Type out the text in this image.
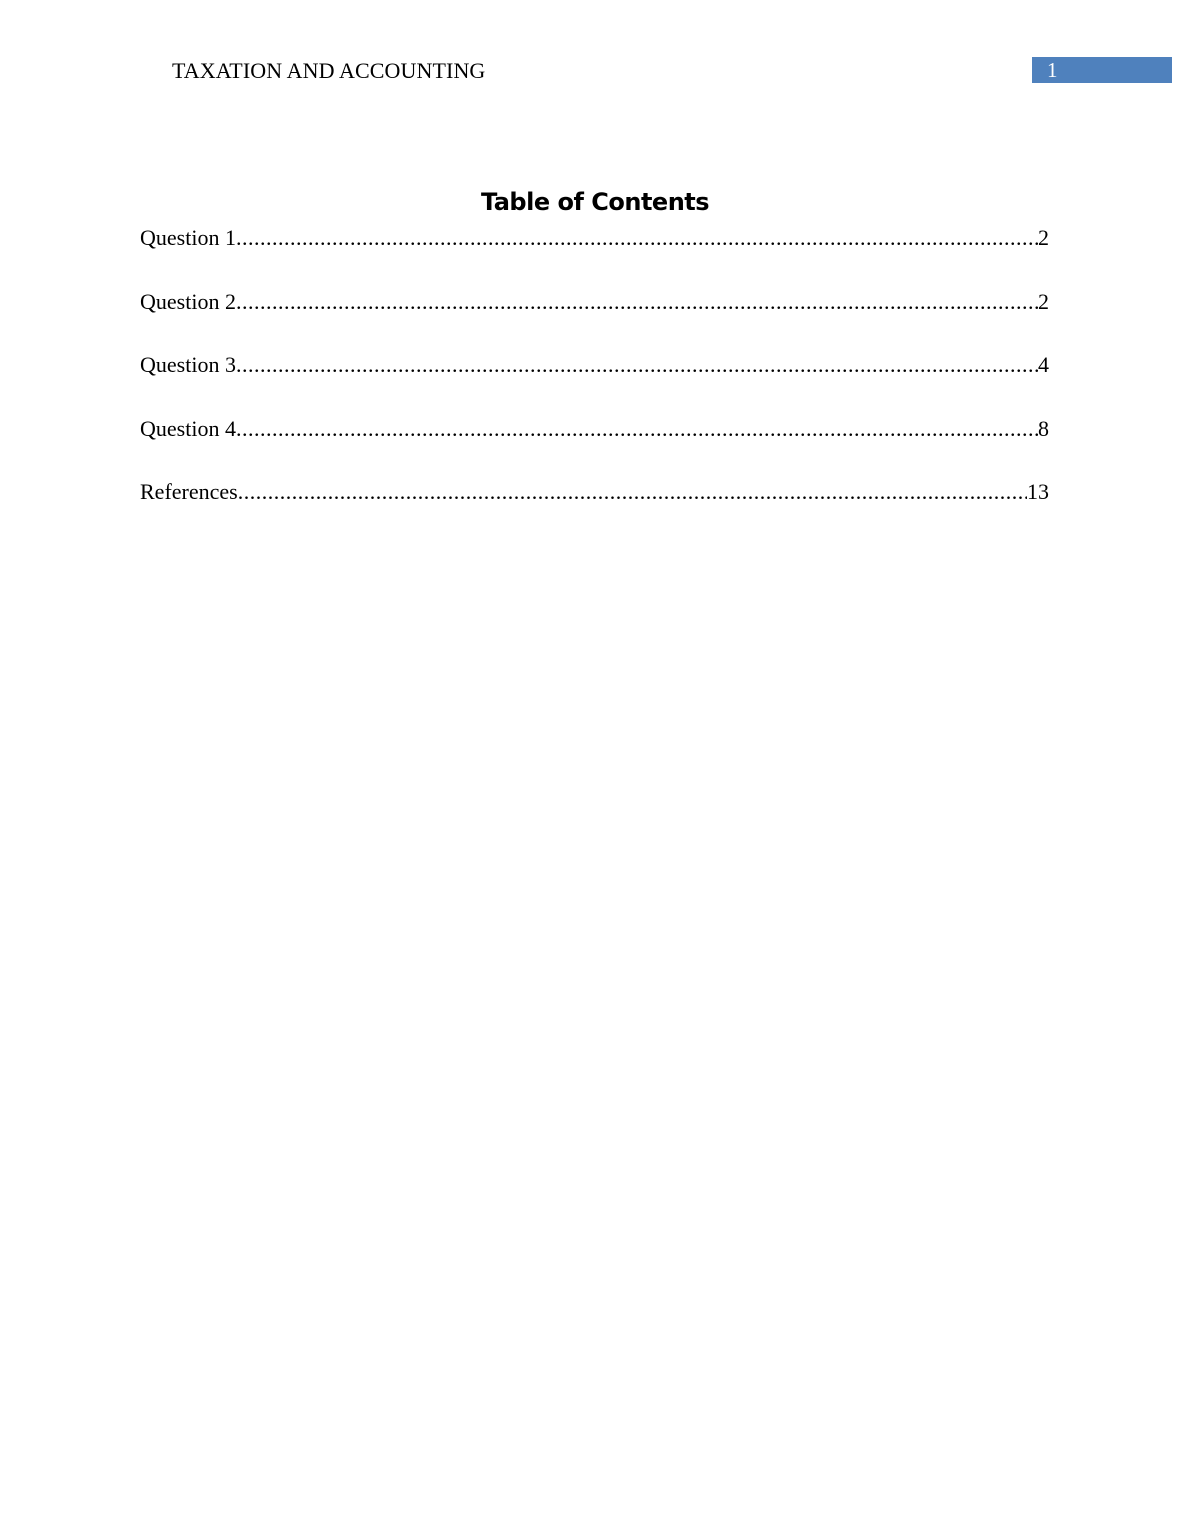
TAXATION AND ACCOUNTING	1
Table of Contents
Question 1 .....	2
Question 2 .....	2
Question 3 .....	4
Question 4 .....	8
References .....	13
